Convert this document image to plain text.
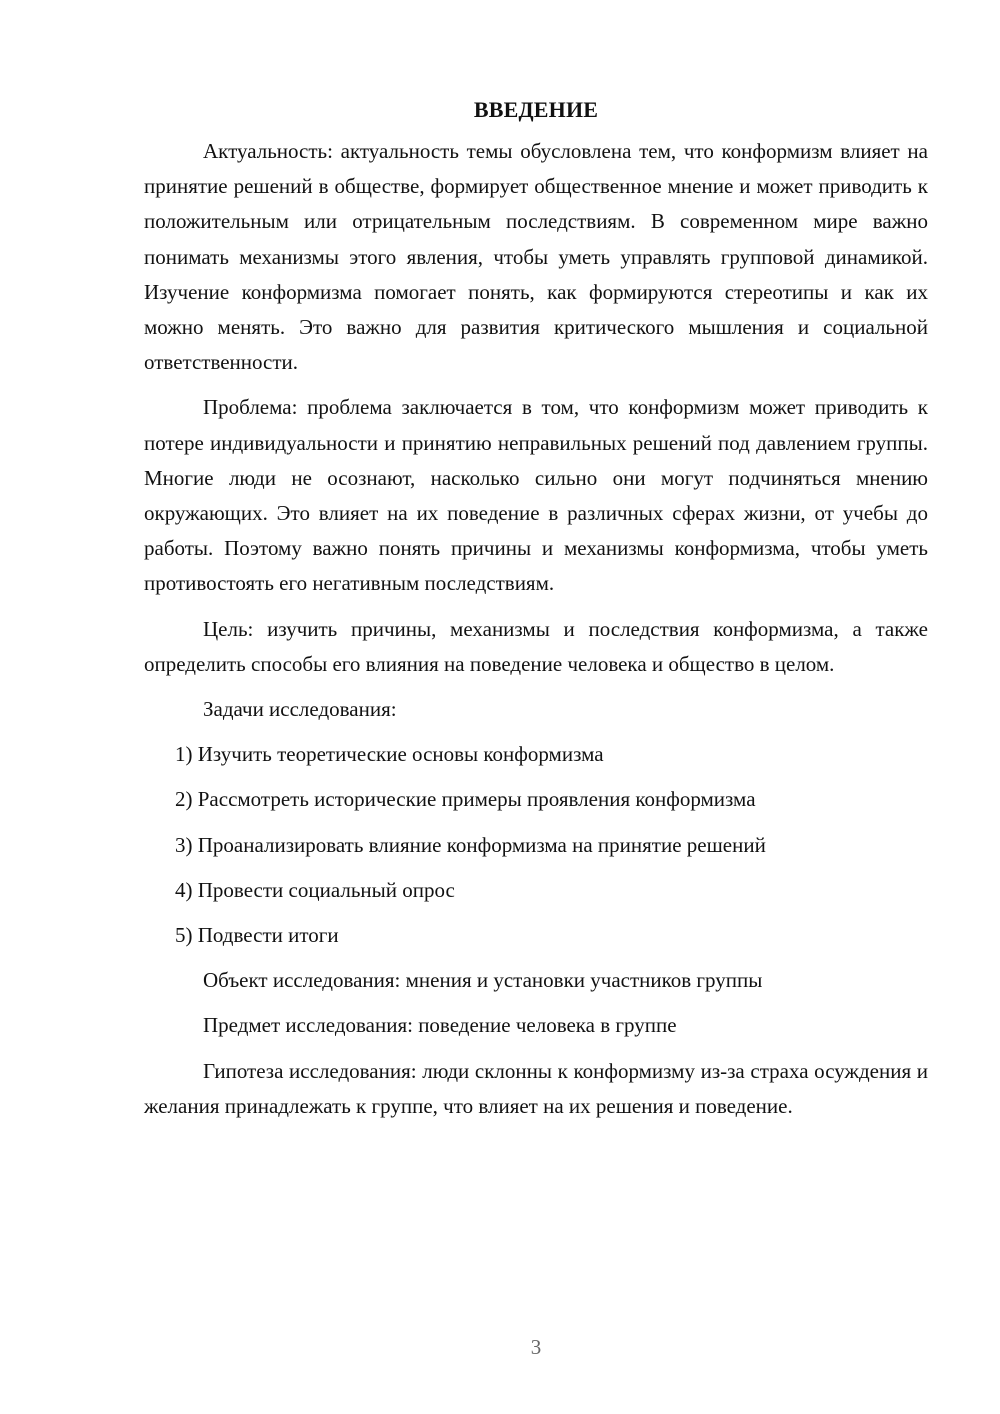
ВВЕДЕНИЕ

Актуальность: актуальность темы обусловлена тем, что конформизм влияет на принятие решений в обществе, формирует общественное мнение и может приводить к положительным или отрицательным последствиям. В современном мире важно понимать механизмы этого явления, чтобы уметь управлять групповой динамикой. Изучение конформизма помогает понять, как формируются стереотипы и как их можно менять. Это важно для развития критического мышления и социальной ответственности.

Проблема: проблема заключается в том, что конформизм может приводить к потере индивидуальности и принятию неправильных решений под давлением группы. Многие люди не осознают, насколько сильно они могут подчиняться мнению окружающих. Это влияет на их поведение в различных сферах жизни, от учебы до работы. Поэтому важно понять причины и механизмы конформизма, чтобы уметь противостоять его негативным последствиям.

Цель: изучить причины, механизмы и последствия конформизма, а также определить способы его влияния на поведение человека и общество в целом.

Задачи исследования:

1) Изучить теоретические основы конформизма
2) Рассмотреть исторические примеры проявления конформизма
3) Проанализировать влияние конформизма на принятие решений
4) Провести социальный опрос
5) Подвести итоги

Объект исследования: мнения и установки участников группы

Предмет исследования: поведение человека в группе

Гипотеза исследования: люди склонны к конформизму из-за страха осуждения и желания принадлежать к группе, что влияет на их решения и поведение.

3
